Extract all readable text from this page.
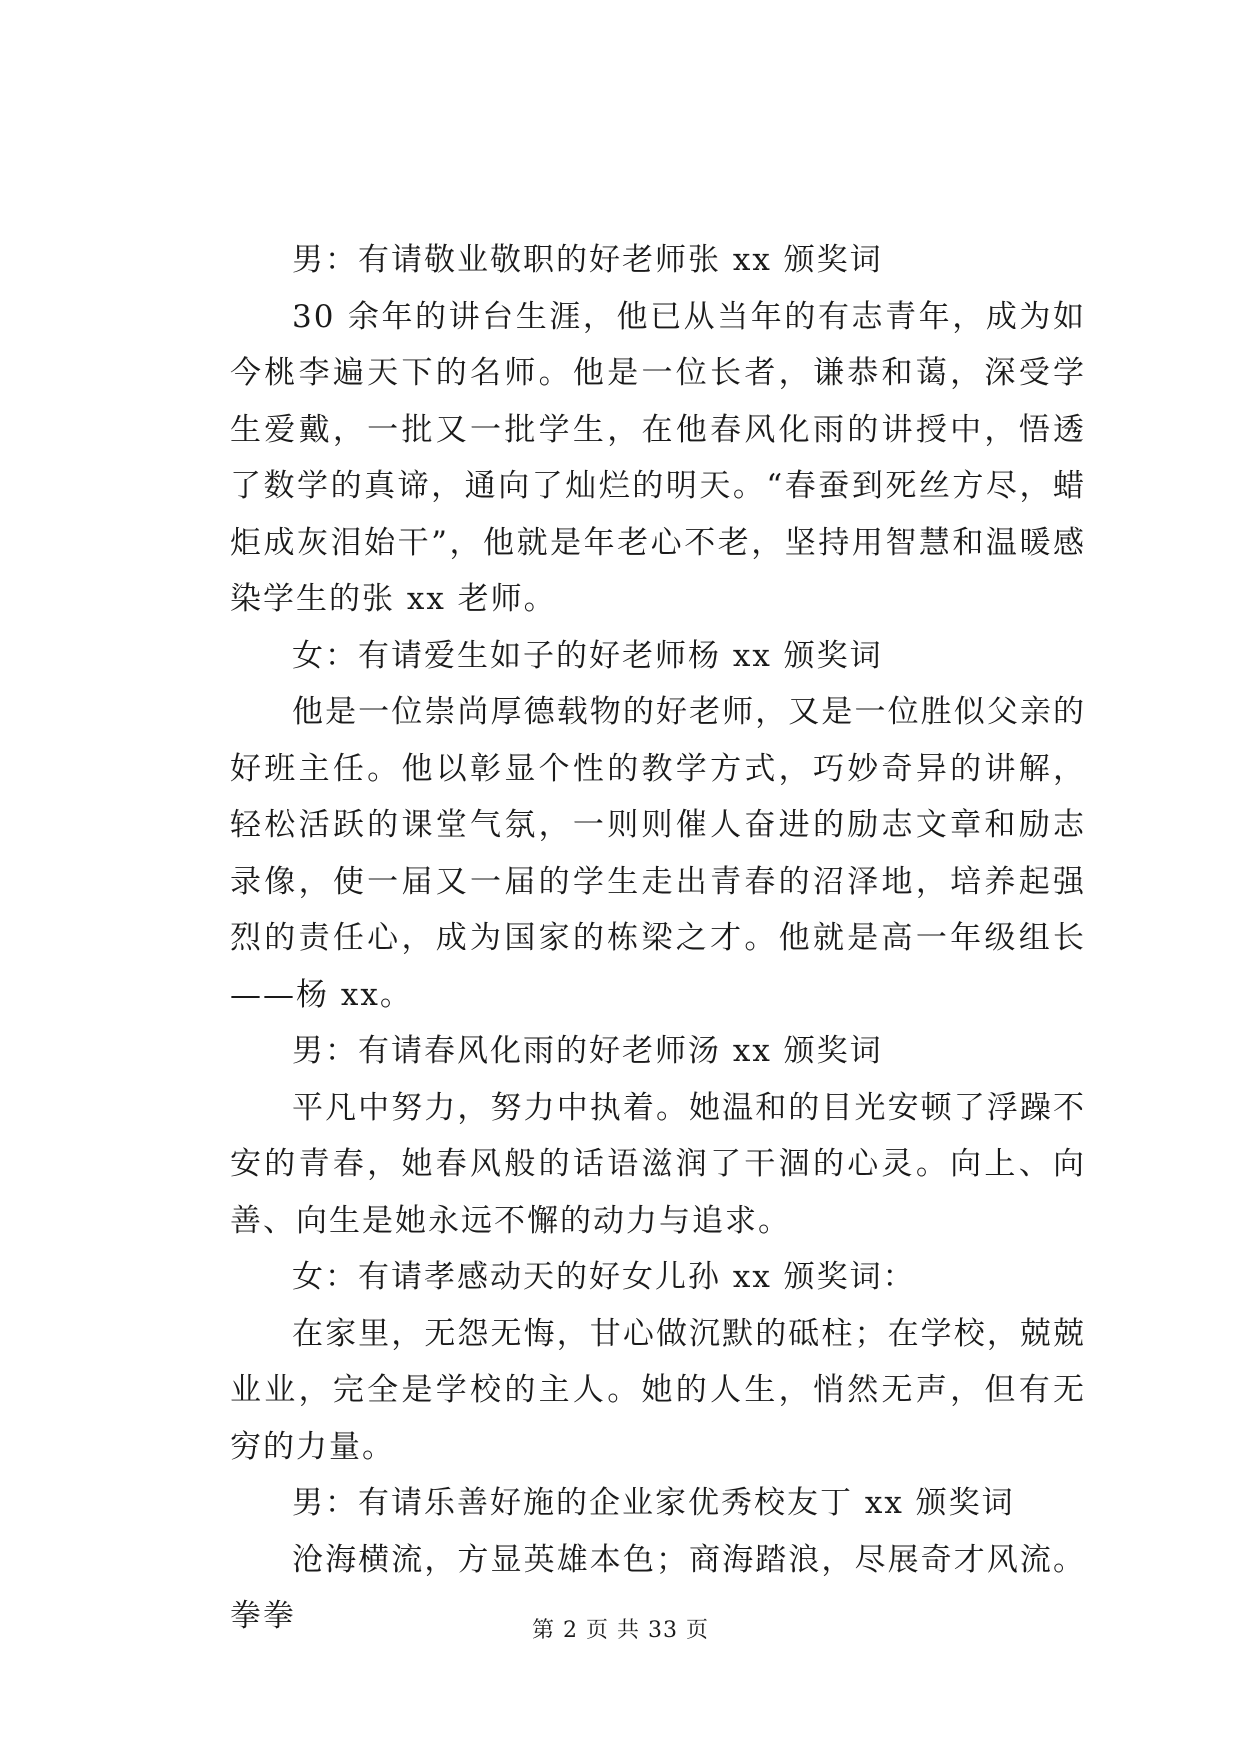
男：有请敬业敬职的好老师张 xx 颁奖词

30 余年的讲台生涯，他已从当年的有志青年，成为如今桃李遍天下的名师。他是一位长者，谦恭和蔼，深受学生爱戴，一批又一批学生，在他春风化雨的讲授中，悟透了数学的真谛，通向了灿烂的明天。“春蚕到死丝方尽，蜡炬成灰泪始干”，他就是年老心不老，坚持用智慧和温暖感染学生的张 xx 老师。

女：有请爱生如子的好老师杨 xx 颁奖词

他是一位崇尚厚德载物的好老师，又是一位胜似父亲的好班主任。他以彰显个性的教学方式，巧妙奇异的讲解，轻松活跃的课堂气氛，一则则催人奋进的励志文章和励志录像，使一届又一届的学生走出青春的沼泽地，培养起强烈的责任心，成为国家的栋梁之才。他就是高一年级组长——杨 xx。

男：有请春风化雨的好老师汤 xx 颁奖词

平凡中努力，努力中执着。她温和的目光安顿了浮躁不安的青春，她春风般的话语滋润了干涸的心灵。向上、向善、向生是她永远不懈的动力与追求。

女：有请孝感动天的好女儿孙 xx 颁奖词：

在家里，无怨无悔，甘心做沉默的砥柱；在学校，兢兢业业，完全是学校的主人。她的人生，悄然无声，但有无穷的力量。

男：有请乐善好施的企业家优秀校友丁 xx 颁奖词

沧海横流，方显英雄本色；商海踏浪，尽展奇才风流。拳拳	第 2 页 共 33 页
